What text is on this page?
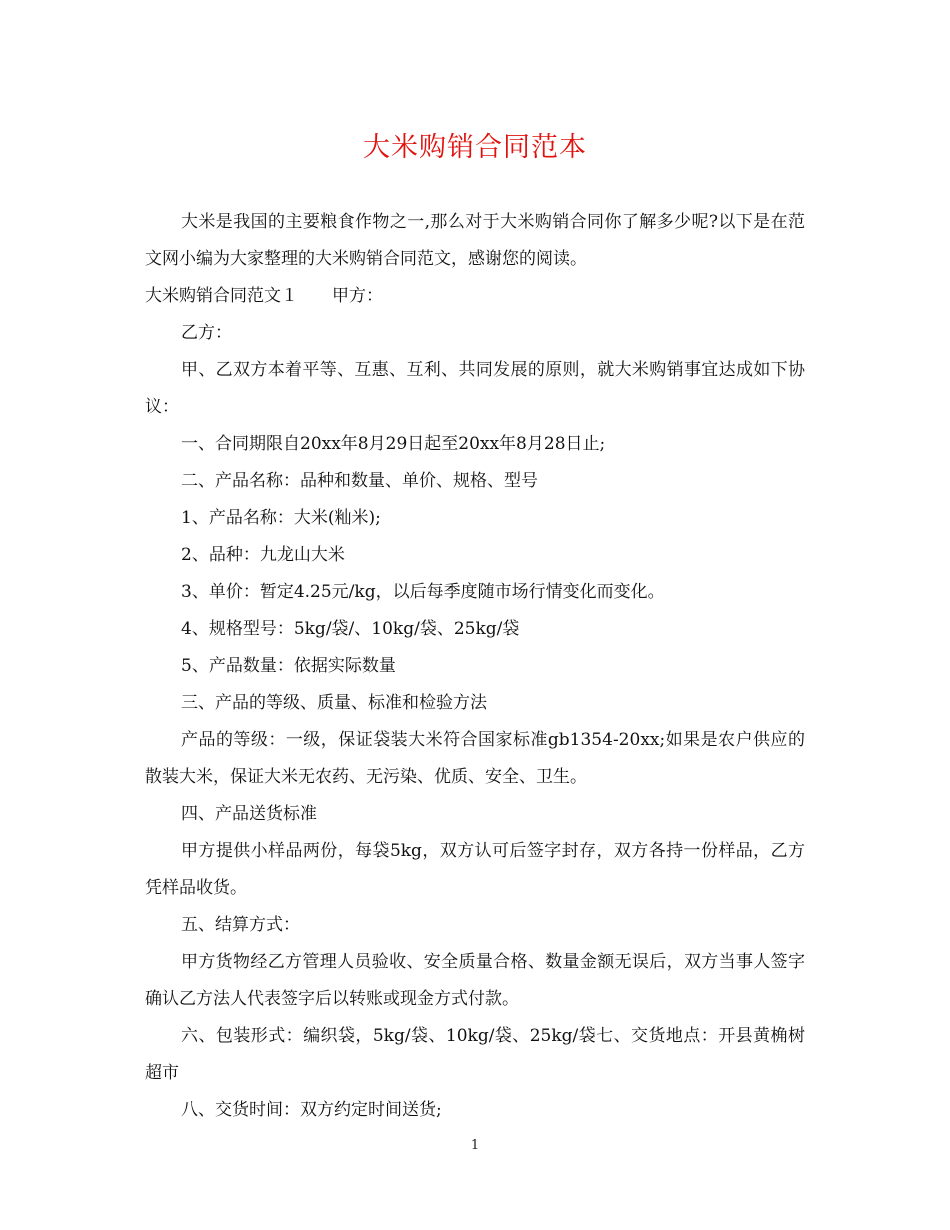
大米购销合同范本

大米是我国的主要粮食作物之一,那么对于大米购销合同你了解多少呢?以下是在范文网小编为大家整理的大米购销合同范文，感谢您的阅读。

大米购销合同范文１　　甲方：

乙方：

甲、乙双方本着平等、互惠、互利、共同发展的原则，就大米购销事宜达成如下协议：

一、合同期限自20xx年8月29日起至20xx年8月28日止;

二、产品名称：品种和数量、单价、规格、型号

1、产品名称：大米(籼米);

2、品种：九龙山大米

3、单价：暂定4.25元/kg，以后每季度随市场行情变化而变化。

4、规格型号：5kg/袋/、10kg/袋、25kg/袋

5、产品数量：依据实际数量

三、产品的等级、质量、标准和检验方法

产品的等级：一级，保证袋装大米符合国家标准gb1354-20xx;如果是农户供应的散装大米，保证大米无农药、无污染、优质、安全、卫生。

四、产品送货标准

甲方提供小样品两份，每袋5kg，双方认可后签字封存，双方各持一份样品，乙方凭样品收货。

五、结算方式：

甲方货物经乙方管理人员验收、安全质量合格、数量金额无误后，双方当事人签字确认乙方法人代表签字后以转账或现金方式付款。

六、包装形式：编织袋，5kg/袋、10kg/袋、25kg/袋七、交货地点：开县黄桷树超市

八、交货时间：双方约定时间送货;

1
